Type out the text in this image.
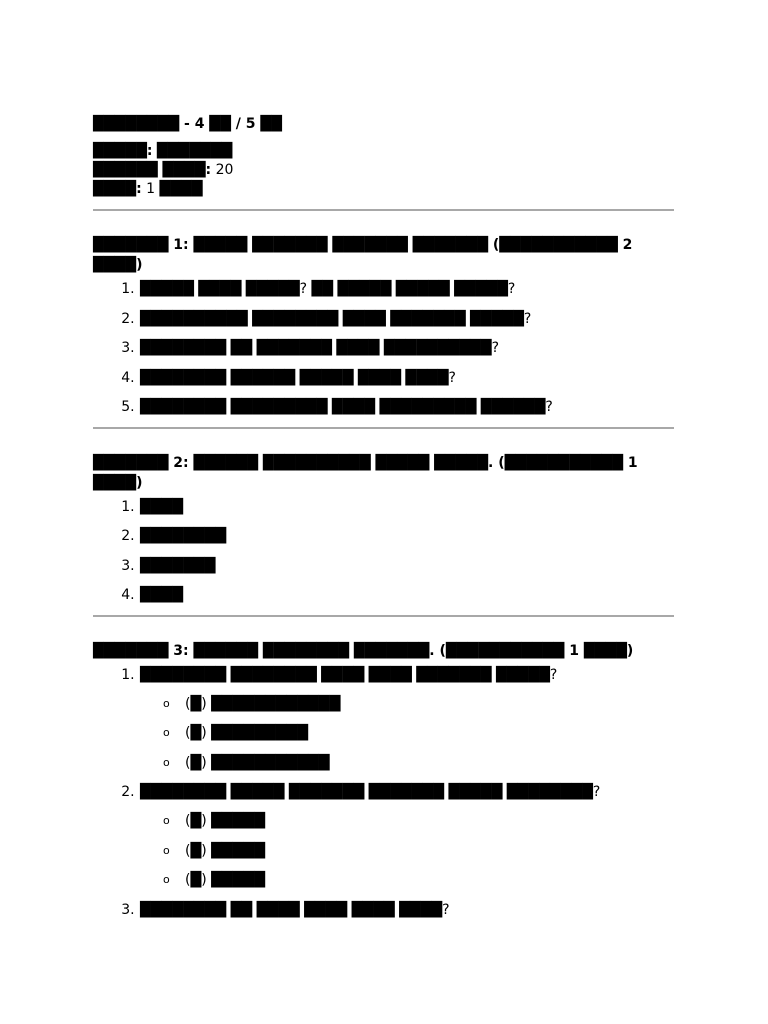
████████ - 4 ██ / 5 ██

█████: ███████

██████ ████: 20

████: 1 ████

███████ 1: █████ ███████ ███████ ███████ (███████████ 2 ████)
1. █████ ████ █████? ██ █████ █████ █████?
2. ██████████ ████████ ████ ███████ █████?
3. ████████ ██ ███████ ████ ██████████?
4. ████████ ██████ █████ ████ ████?
5. ████████ █████████ ████ █████████ ██████?
███████ 2: ██████ ██████████ █████ █████. (███████████ 1 ████)
1. ████
2. ████████
3. ███████
4. ████
███████ 3: ██████ ████████ ███████. (███████████ 1 ████)
1. ████████ ████████ ████ ████ ███████ █████?
o (█) ████████████
o (█) █████████
o (█) ███████████
2. ████████ █████ ███████ ███████ █████ ████████?
o (█) █████
o (█) █████
o (█) █████
3. ████████ ██ ████ ████ ████ ████?
